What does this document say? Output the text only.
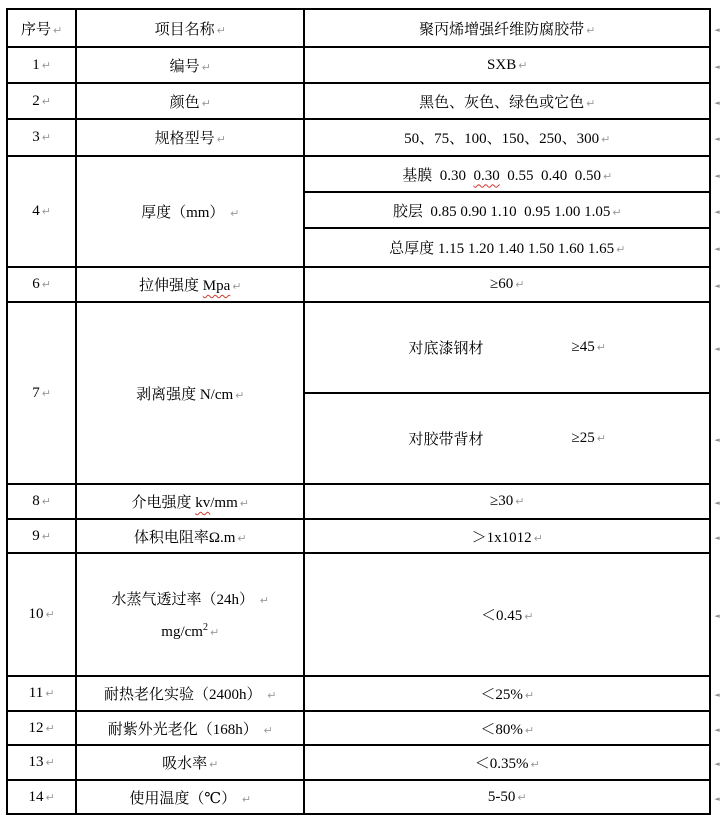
序号 ↵	项目名称 ↵	聚丙烯增强纤维防腐胶带 ↵	◄
1 ↵	编号 ↵	SXB ↵	◄
2 ↵	颜色 ↵	黑色、灰色、绿色或它色 ↵	◄
3 ↵	规格型号 ↵	50、75、100、150、250、300 ↵	◄
4 ↵	厚度（mm） ↵	基膜  0.30  0.30  0.55  0.40  0.50 ↵	◄
		胶层  0.85 0.90 1.10  0.95 1.00 1.05 ↵	◄
		总厚度 1.15 1.20 1.40 1.50 1.60 1.65 ↵	◄
6 ↵	拉伸强度 Mpa ↵	≥60 ↵	◄
7 ↵	剥离强度 N/cm ↵	对底漆钢材 ≥45 ↵	◄

		对胶带背材 ≥25 ↵	◄
8 ↵	介电强度 kv/mm ↵	≥30 ↵	◄
9 ↵	体积电阻率Ω.m ↵	＞1x1012 ↵	◄
10 ↵	水蒸气透过率（24h） ↵
$mg/cm^2$ ↵	＜0.45 ↵	◄
11 ↵	耐热老化实验（2400h） ↵	＜25% ↵	◄
12 ↵	耐紫外光老化（168h） ↵	＜80% ↵	◄
13 ↵	吸水率 ↵	＜0.35% ↵	◄
14 ↵	使用温度（℃） ↵	5-50 ↵	◄
